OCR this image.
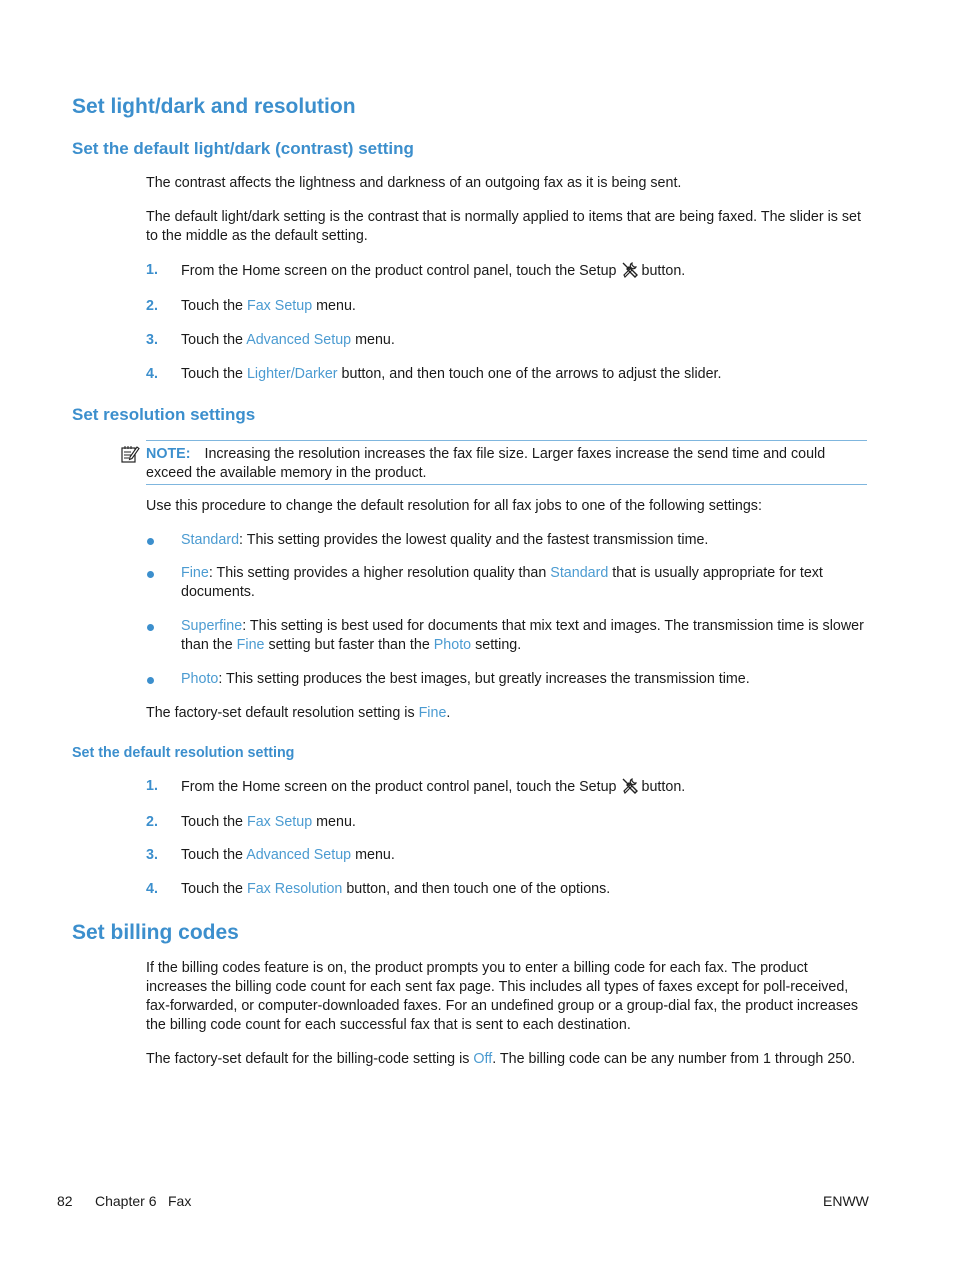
Set light/dark and resolution
Set the default light/dark (contrast) setting

The contrast affects the lightness and darkness of an outgoing fax as it is being sent.

The default light/dark setting is the contrast that is normally applied to items that are being faxed. The slider is set to the middle as the default setting.

1. From the Home screen on the product control panel, touch the Setup button.
2. Touch the Fax Setup menu.
3. Touch the Advanced Setup menu.
4. Touch the Lighter/Darker button, and then touch one of the arrows to adjust the slider.
Set resolution settings
NOTE: Increasing the resolution increases the fax file size. Larger faxes increase the send time and could exceed the available memory in the product.

Use this procedure to change the default resolution for all fax jobs to one of the following settings:

Standard: This setting provides the lowest quality and the fastest transmission time.
Fine: This setting provides a higher resolution quality than Standard that is usually appropriate for text documents.
Superfine: This setting is best used for documents that mix text and images. The transmission time is slower than the Fine setting but faster than the Photo setting.
Photo: This setting produces the best images, but greatly increases the transmission time.

The factory-set default resolution setting is Fine.

Set the default resolution setting
1. From the Home screen on the product control panel, touch the Setup button.
2. Touch the Fax Setup menu.
3. Touch the Advanced Setup menu.
4. Touch the Fax Resolution button, and then touch one of the options.
Set billing codes

If the billing codes feature is on, the product prompts you to enter a billing code for each fax. The product increases the billing code count for each sent fax page. This includes all types of faxes except for poll-received, fax-forwarded, or computer-downloaded faxes. For an undefined group or a group-dial fax, the product increases the billing code count for each successful fax that is sent to each destination.

The factory-set default for the billing-code setting is Off. The billing code can be any number from 1 through 250.

82 Chapter 6 Fax	ENWW
